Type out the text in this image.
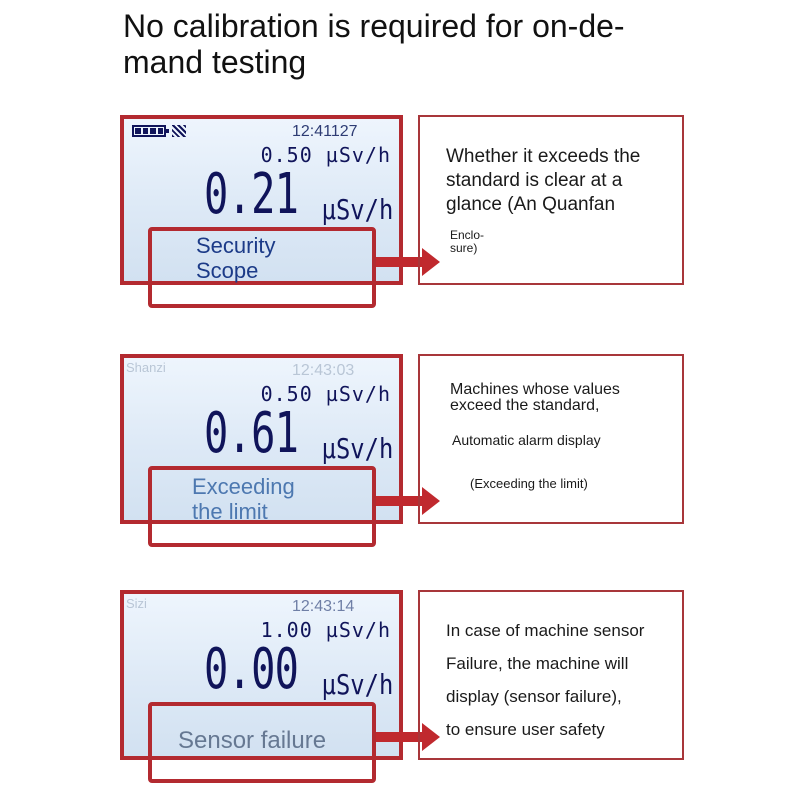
No calibration is required for on-de-
mand testing
12:41127
0.50 µSv/h
0.21 µSv/h
Security
Scope

Whether it exceeds the
standard is clear at a
glance (An Quanfan

Enclo-
sure)

Shanzi	12:43:03
0.50 µSv/h
0.61 µSv/h
Exceeding
the limit

Machines whose values
exceed the standard,

Automatic alarm display

(Exceeding the limit)

Sizi	12:43:14
1.00 µSv/h
0.00 µSv/h
Sensor failure

In case of machine sensor
Failure, the machine will
display (sensor failure),
to ensure user safety
